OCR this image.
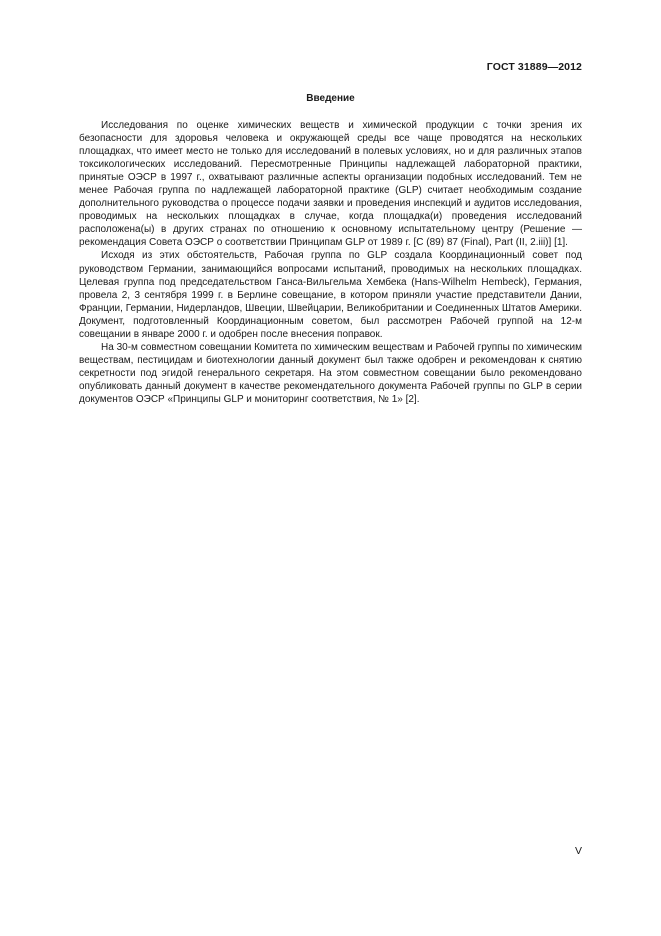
ГОСТ 31889—2012
Введение

Исследования по оценке химических веществ и химической продукции с точки зрения их безопасности для здоровья человека и окружающей среды все чаще проводятся на нескольких площадках, что имеет место не только для исследований в полевых условиях, но и для различных этапов токсикологических исследований. Пересмотренные Принципы надлежащей лабораторной практики, принятые ОЭСР в 1997 г., охватывают различные аспекты организации подобных исследований. Тем не менее Рабочая группа по надлежащей лабораторной практике (GLP) считает необходимым создание дополнительного руководства о процессе подачи заявки и проведения инспекций и аудитов исследования, проводимых на нескольких площадках в случае, когда площадка(и) проведения исследований расположена(ы) в других странах по отношению к основному испытательному центру (Решение — рекомендация Совета ОЭСР о соответствии Принципам GLP от 1989 г. [C (89) 87 (Final), Part (II, 2.iii)] [1].

Исходя из этих обстоятельств, Рабочая группа по GLP создала Координационный совет под руководством Германии, занимающийся вопросами испытаний, проводимых на нескольких площадках. Целевая группа под председательством Ганса-Вильгельма Хембека (Hans-Wilhelm Hembeck), Германия, провела 2, 3 сентября 1999 г. в Берлине совещание, в котором приняли участие представители Дании, Франции, Германии, Нидерландов, Швеции, Швейцарии, Великобритании и Соединенных Штатов Америки. Документ, подготовленный Координационным советом, был рассмотрен Рабочей группой на 12-м совещании в январе 2000 г. и одобрен после внесения поправок.

На 30-м совместном совещании Комитета по химическим веществам и Рабочей группы по химическим веществам, пестицидам и биотехнологии данный документ был также одобрен и рекомендован к снятию секретности под эгидой генерального секретаря. На этом совместном совещании было рекомендовано опубликовать данный документ в качестве рекомендательного документа Рабочей группы по GLP в серии документов ОЭСР «Принципы GLP и мониторинг соответствия, № 1» [2].

V
